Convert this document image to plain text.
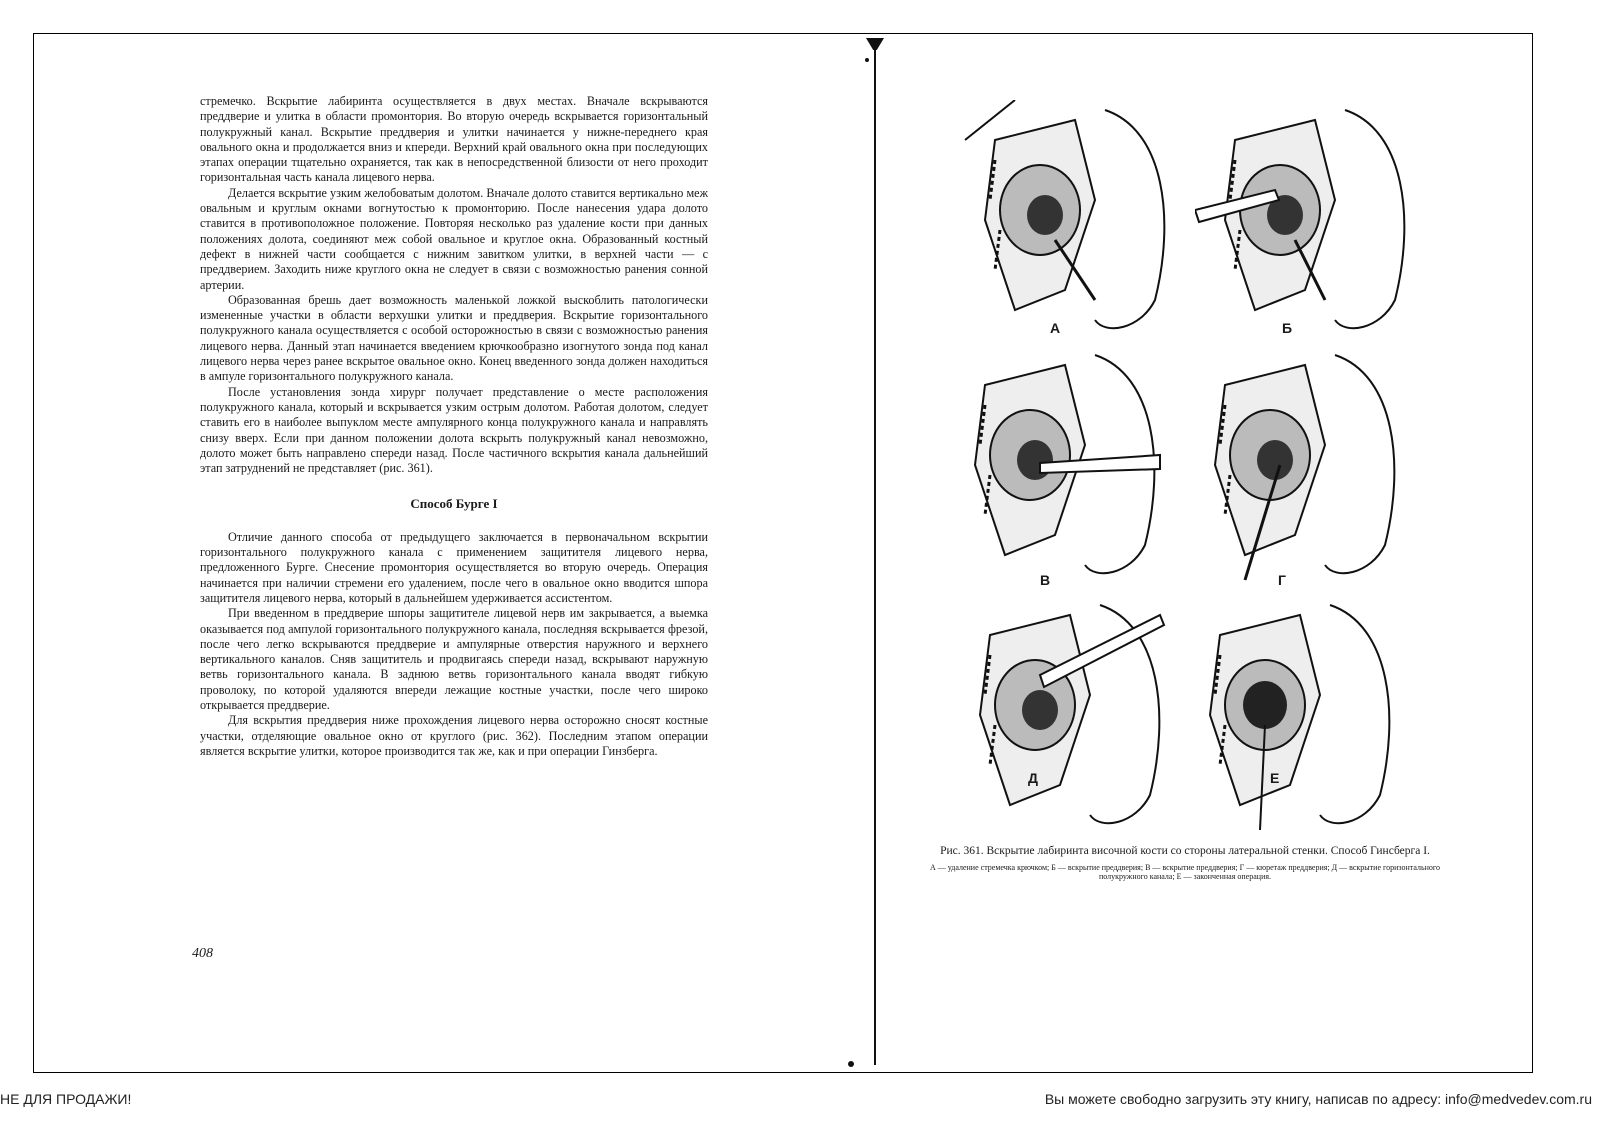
стремечко. Вскрытие лабиринта осуществляется в двух местах. Вначале вскрываются преддверие и улитка в области промонтория. Во вторую очередь вскрывается горизонтальный полукружный канал. Вскрытие преддверия и улитки начинается у нижне-переднего края овального окна и продолжается вниз и кпереди. Верхний край овального окна при последующих этапах операции тщательно охраняется, так как в непосредственной близости от него проходит горизонтальная часть канала лицевого нерва.

Делается вскрытие узким желобоватым долотом. Вначале долото ставится вертикально меж овальным и круглым окнами вогнутостью к промонторию. После нанесения удара долото ставится в противоположное положение. Повторяя несколько раз удаление кости при данных положениях долота, соединяют меж собой овальное и круглое окна. Образованный костный дефект в нижней части сообщается с нижним завитком улитки, в верхней части — с преддверием. Заходить ниже круглого окна не следует в связи с возможностью ранения сонной артерии.

Образованная брешь дает возможность маленькой ложкой выскоблить патологически измененные участки в области верхушки улитки и преддверия. Вскрытие горизонтального полукружного канала осуществляется с особой осторожностью в связи с возможностью ранения лицевого нерва. Данный этап начинается введением крючкообразно изогнутого зонда под канал лицевого нерва через ранее вскрытое овальное окно. Конец введенного зонда должен находиться в ампуле горизонтального полукружного канала.

После установления зонда хирург получает представление о месте расположения полукружного канала, который и вскрывается узким острым долотом. Работая долотом, следует ставить его в наиболее выпуклом месте ампулярного конца полукружного канала и направлять снизу вверх. Если при данном положении долота вскрыть полукружный канал невозможно, долото может быть направлено спереди назад. После частичного вскрытия канала дальнейший этап затруднений не представляет (рис. 361).

Способ Бурге I

Отличие данного способа от предыдущего заключается в первоначальном вскрытии горизонтального полукружного канала с применением защитителя лицевого нерва, предложенного Бурге. Снесение промонтория осуществляется во вторую очередь. Операция начинается при наличии стремени его удалением, после чего в овальное окно вводится шпора защитителя лицевого нерва, который в дальнейшем удерживается ассистентом.

При введенном в преддверие шпоры защитителе лицевой нерв им закрывается, а выемка оказывается под ампулой горизонтального полукружного канала, последняя вскрывается фрезой, после чего легко вскрываются преддверие и ампулярные отверстия наружного и верхнего вертикального каналов. Сняв защититель и продвигаясь спереди назад, вскрывают наружную ветвь горизонтального канала. В заднюю ветвь горизонтального канала вводят гибкую проволоку, по которой удаляются впереди лежащие костные участки, после чего широко открывается преддверие.

Для вскрытия преддверия ниже прохождения лицевого нерва осторожно сносят костные участки, отделяющие овальное окно от круглого (рис. 362). Последним этапом операции является вскрытие улитки, которое производится так же, как и при операции Гинзберга.

408
А	Б
В	Г
Д	Е
Рис. 361. Вскрытие лабиринта височной кости со стороны латеральной стенки. Способ Гинсберга I.
А — удаление стремечка крючком; Б — вскрытие преддверия; В — вскрытие преддверия; Г — кюретаж преддверия; Д — вскрытие горизонтального полукружного канала; Е — законченная операция.
НЕ ДЛЯ ПРОДАЖИ!	Вы можете свободно загрузить эту книгу, написав по адресу: info@medvedev.com.ru
